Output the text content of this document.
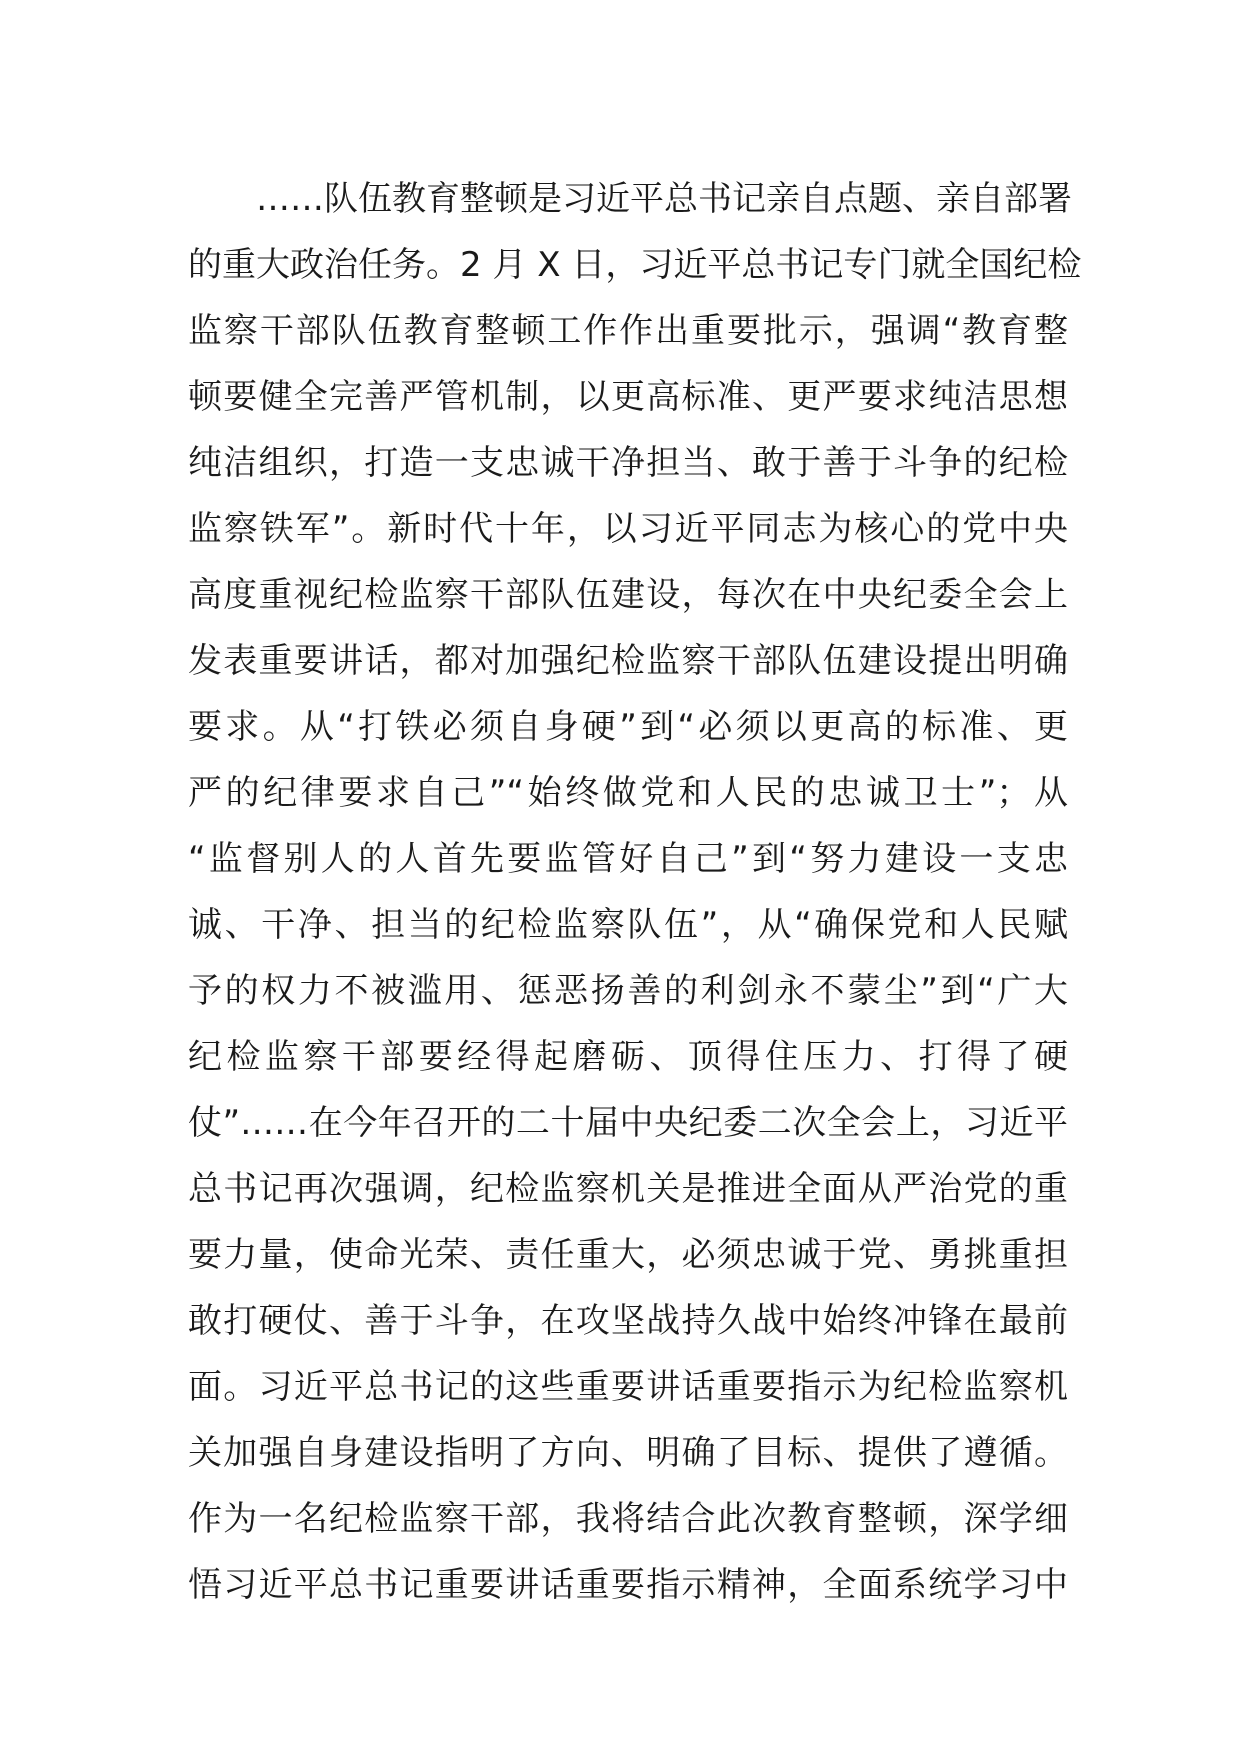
……队伍教育整顿是习近平总书记亲自点题、亲自部署
的重大政治任务。2 月 X 日，习近平总书记专门就全国纪检
监察干部队伍教育整顿工作作出重要批示，强调“教育整
顿要健全完善严管机制，以更高标准、更严要求纯洁思想
纯洁组织，打造一支忠诚干净担当、敢于善于斗争的纪检
监察铁军”。新时代十年，以习近平同志为核心的党中央
高度重视纪检监察干部队伍建设，每次在中央纪委全会上
发表重要讲话，都对加强纪检监察干部队伍建设提出明确
要求。从“打铁必须自身硬”到“必须以更高的标准、更
严的纪律要求自己”“始终做党和人民的忠诚卫士”；从
“监督别人的人首先要监管好自己”到“努力建设一支忠
诚、干净、担当的纪检监察队伍”，从“确保党和人民赋
予的权力不被滥用、惩恶扬善的利剑永不蒙尘”到“广大
纪检监察干部要经得起磨砺、顶得住压力、打得了硬
仗”……在今年召开的二十届中央纪委二次全会上，习近平
总书记再次强调，纪检监察机关是推进全面从严治党的重
要力量，使命光荣、责任重大，必须忠诚于党、勇挑重担
敢打硬仗、善于斗争，在攻坚战持久战中始终冲锋在最前
面。习近平总书记的这些重要讲话重要指示为纪检监察机
关加强自身建设指明了方向、明确了目标、提供了遵循。
作为一名纪检监察干部，我将结合此次教育整顿，深学细
悟习近平总书记重要讲话重要指示精神，全面系统学习中
